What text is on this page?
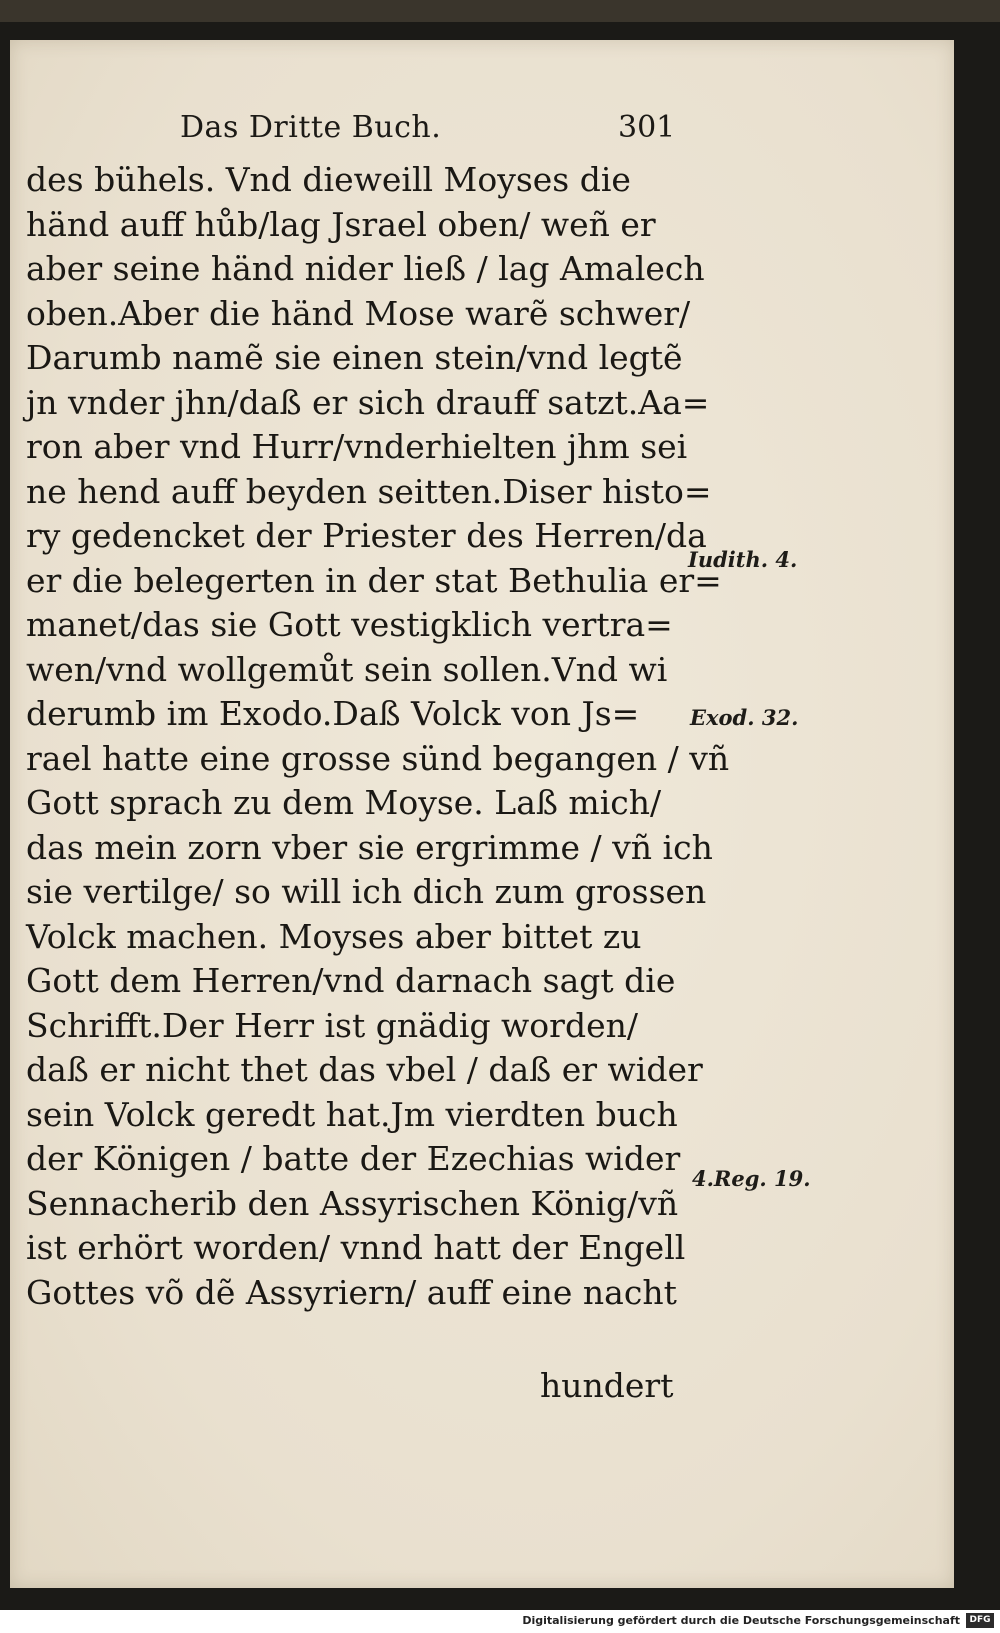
Das Dritte Buch.	301
des bühels. Vnd dieweill Moyses die
händ auff hůb/lag Jsrael oben/ weñ er
aber seine händ nider ließ / lag Amalech
oben.Aber die händ Mose warẽ schwer/
Darumb namẽ sie einen stein/vnd legtẽ
jn vnder jhn/daß er sich drauff satzt.Aa=
ron aber vnd Hurr/vnderhielten jhm sei
ne hend auff beyden seitten.Diser histo=
ry gedencket der Priester des Herren/da
er die belegerten in der stat Bethulia er=
manet/das sie Gott vestigklich vertra=
wen/vnd wollgemůt sein sollen.Vnd wi
derumb im Exodo.Daß Volck von Js=
rael hatte eine grosse sünd begangen / vñ
Gott sprach zu dem Moyse. Laß mich/
das mein zorn vber sie ergrimme / vñ ich
sie vertilge/ so will ich dich zum grossen
Volck machen. Moyses aber bittet zu
Gott dem Herren/vnd darnach sagt die
Schrifft.Der Herr ist gnädig worden/
daß er nicht thet das vbel / daß er wider
sein Volck geredt hat.Jm vierdten buch
der Königen / batte der Ezechias wider
Sennacherib den Assyrischen König/vñ
ist erhört worden/ vnnd hatt der Engell
Gottes võ dẽ Assyriern/ auff eine nacht
hundert
Iudith. 4.
Exod. 32.
4.Reg. 19.
Digitalisierung gefördert durch die Deutsche Forschungsgemeinschaft	DFG
